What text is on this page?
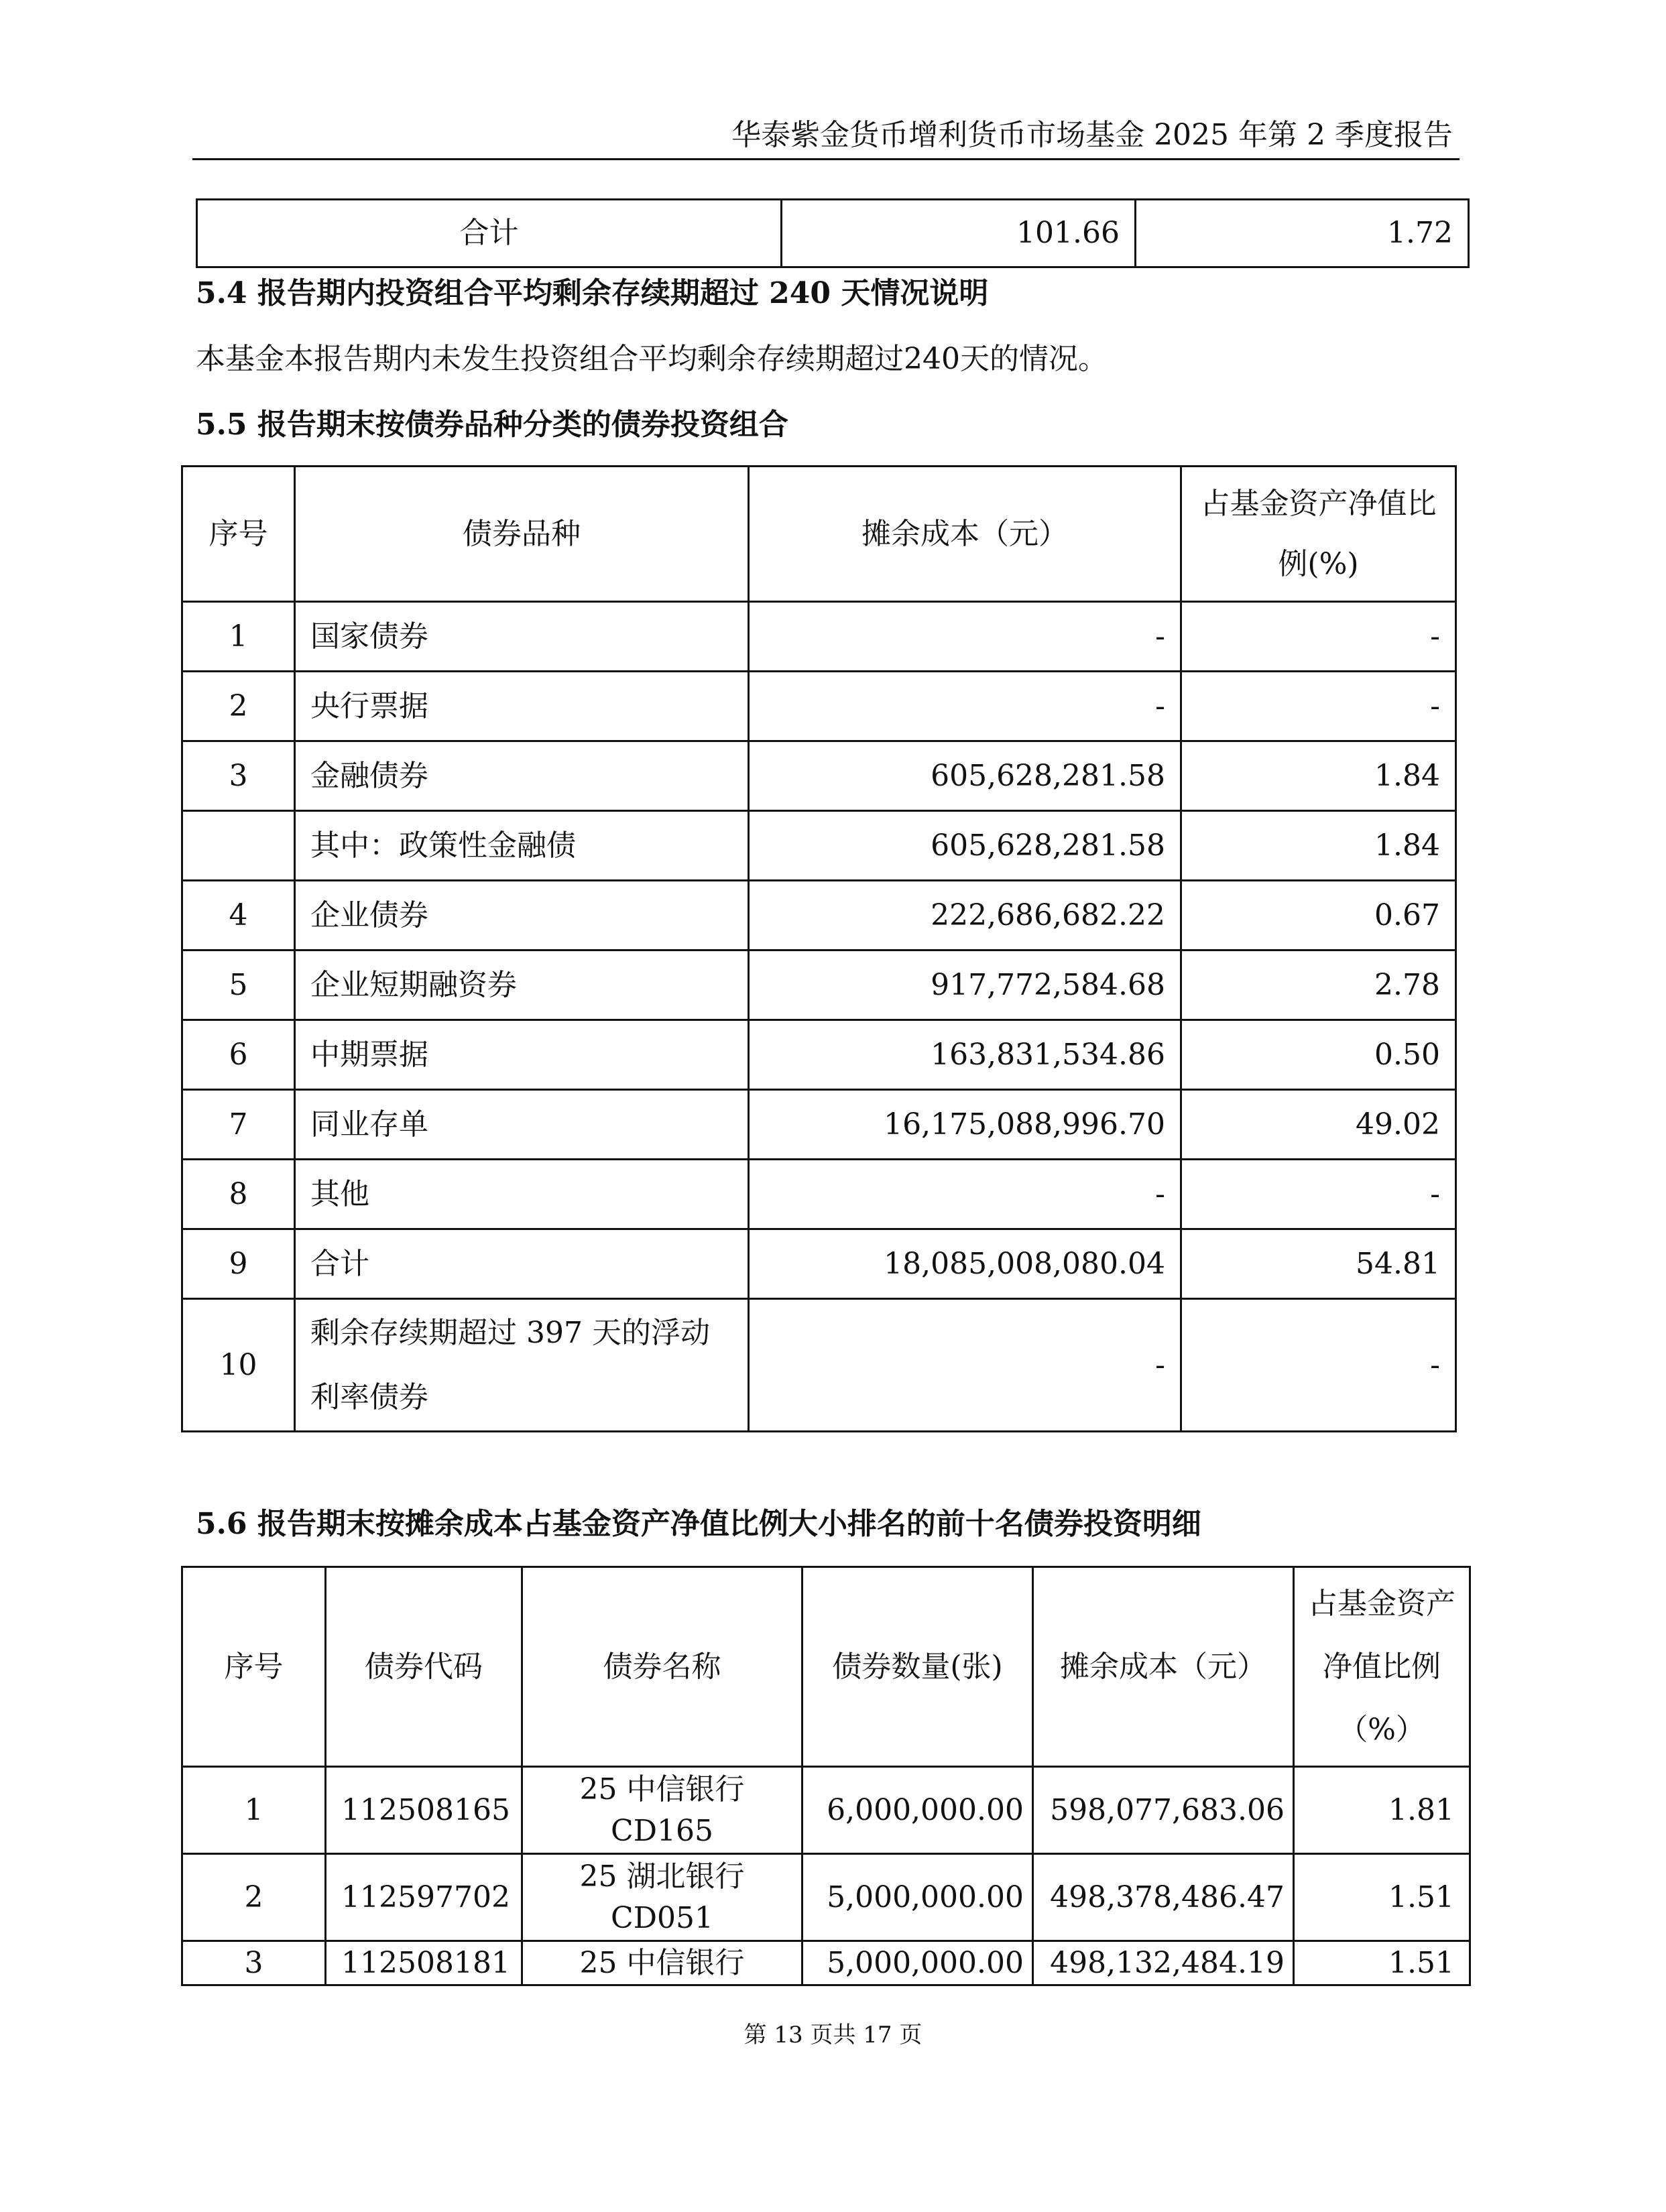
华泰紫金货币增利货币市场基金 2025 年第 2 季度报告
合计	101.66	1.72
5.4 报告期内投资组合平均剩余存续期超过 240 天情况说明
本基金本报告期内未发生投资组合平均剩余存续期超过240天的情况。
5.5 报告期末按债券品种分类的债券投资组合
序号	债券品种	摊余成本（元）	占基金资产净值比例(%)
1	国家债券	-	-
2	央行票据	-	-
3	金融债券	605,628,281.58	1.84
	其中：政策性金融债	605,628,281.58	1.84
4	企业债券	222,686,682.22	0.67
5	企业短期融资券	917,772,584.68	2.78
6	中期票据	163,831,534.86	0.50
7	同业存单	16,175,088,996.70	49.02
8	其他	-	-
9	合计	18,085,008,080.04	54.81
10	剩余存续期超过 397 天的浮动利率债券	-	-
5.6 报告期末按摊余成本占基金资产净值比例大小排名的前十名债券投资明细
序号	债券代码	债券名称	债券数量(张)	摊余成本（元）	占基金资产净值比例（%）
1	112508165	25 中信银行CD165	6,000,000.00	598,077,683.06	1.81
2	112597702	25 湖北银行CD051	5,000,000.00	498,378,486.47	1.51
3	112508181	25 中信银行	5,000,000.00	498,132,484.19	1.51
第 13 页共 17 页
